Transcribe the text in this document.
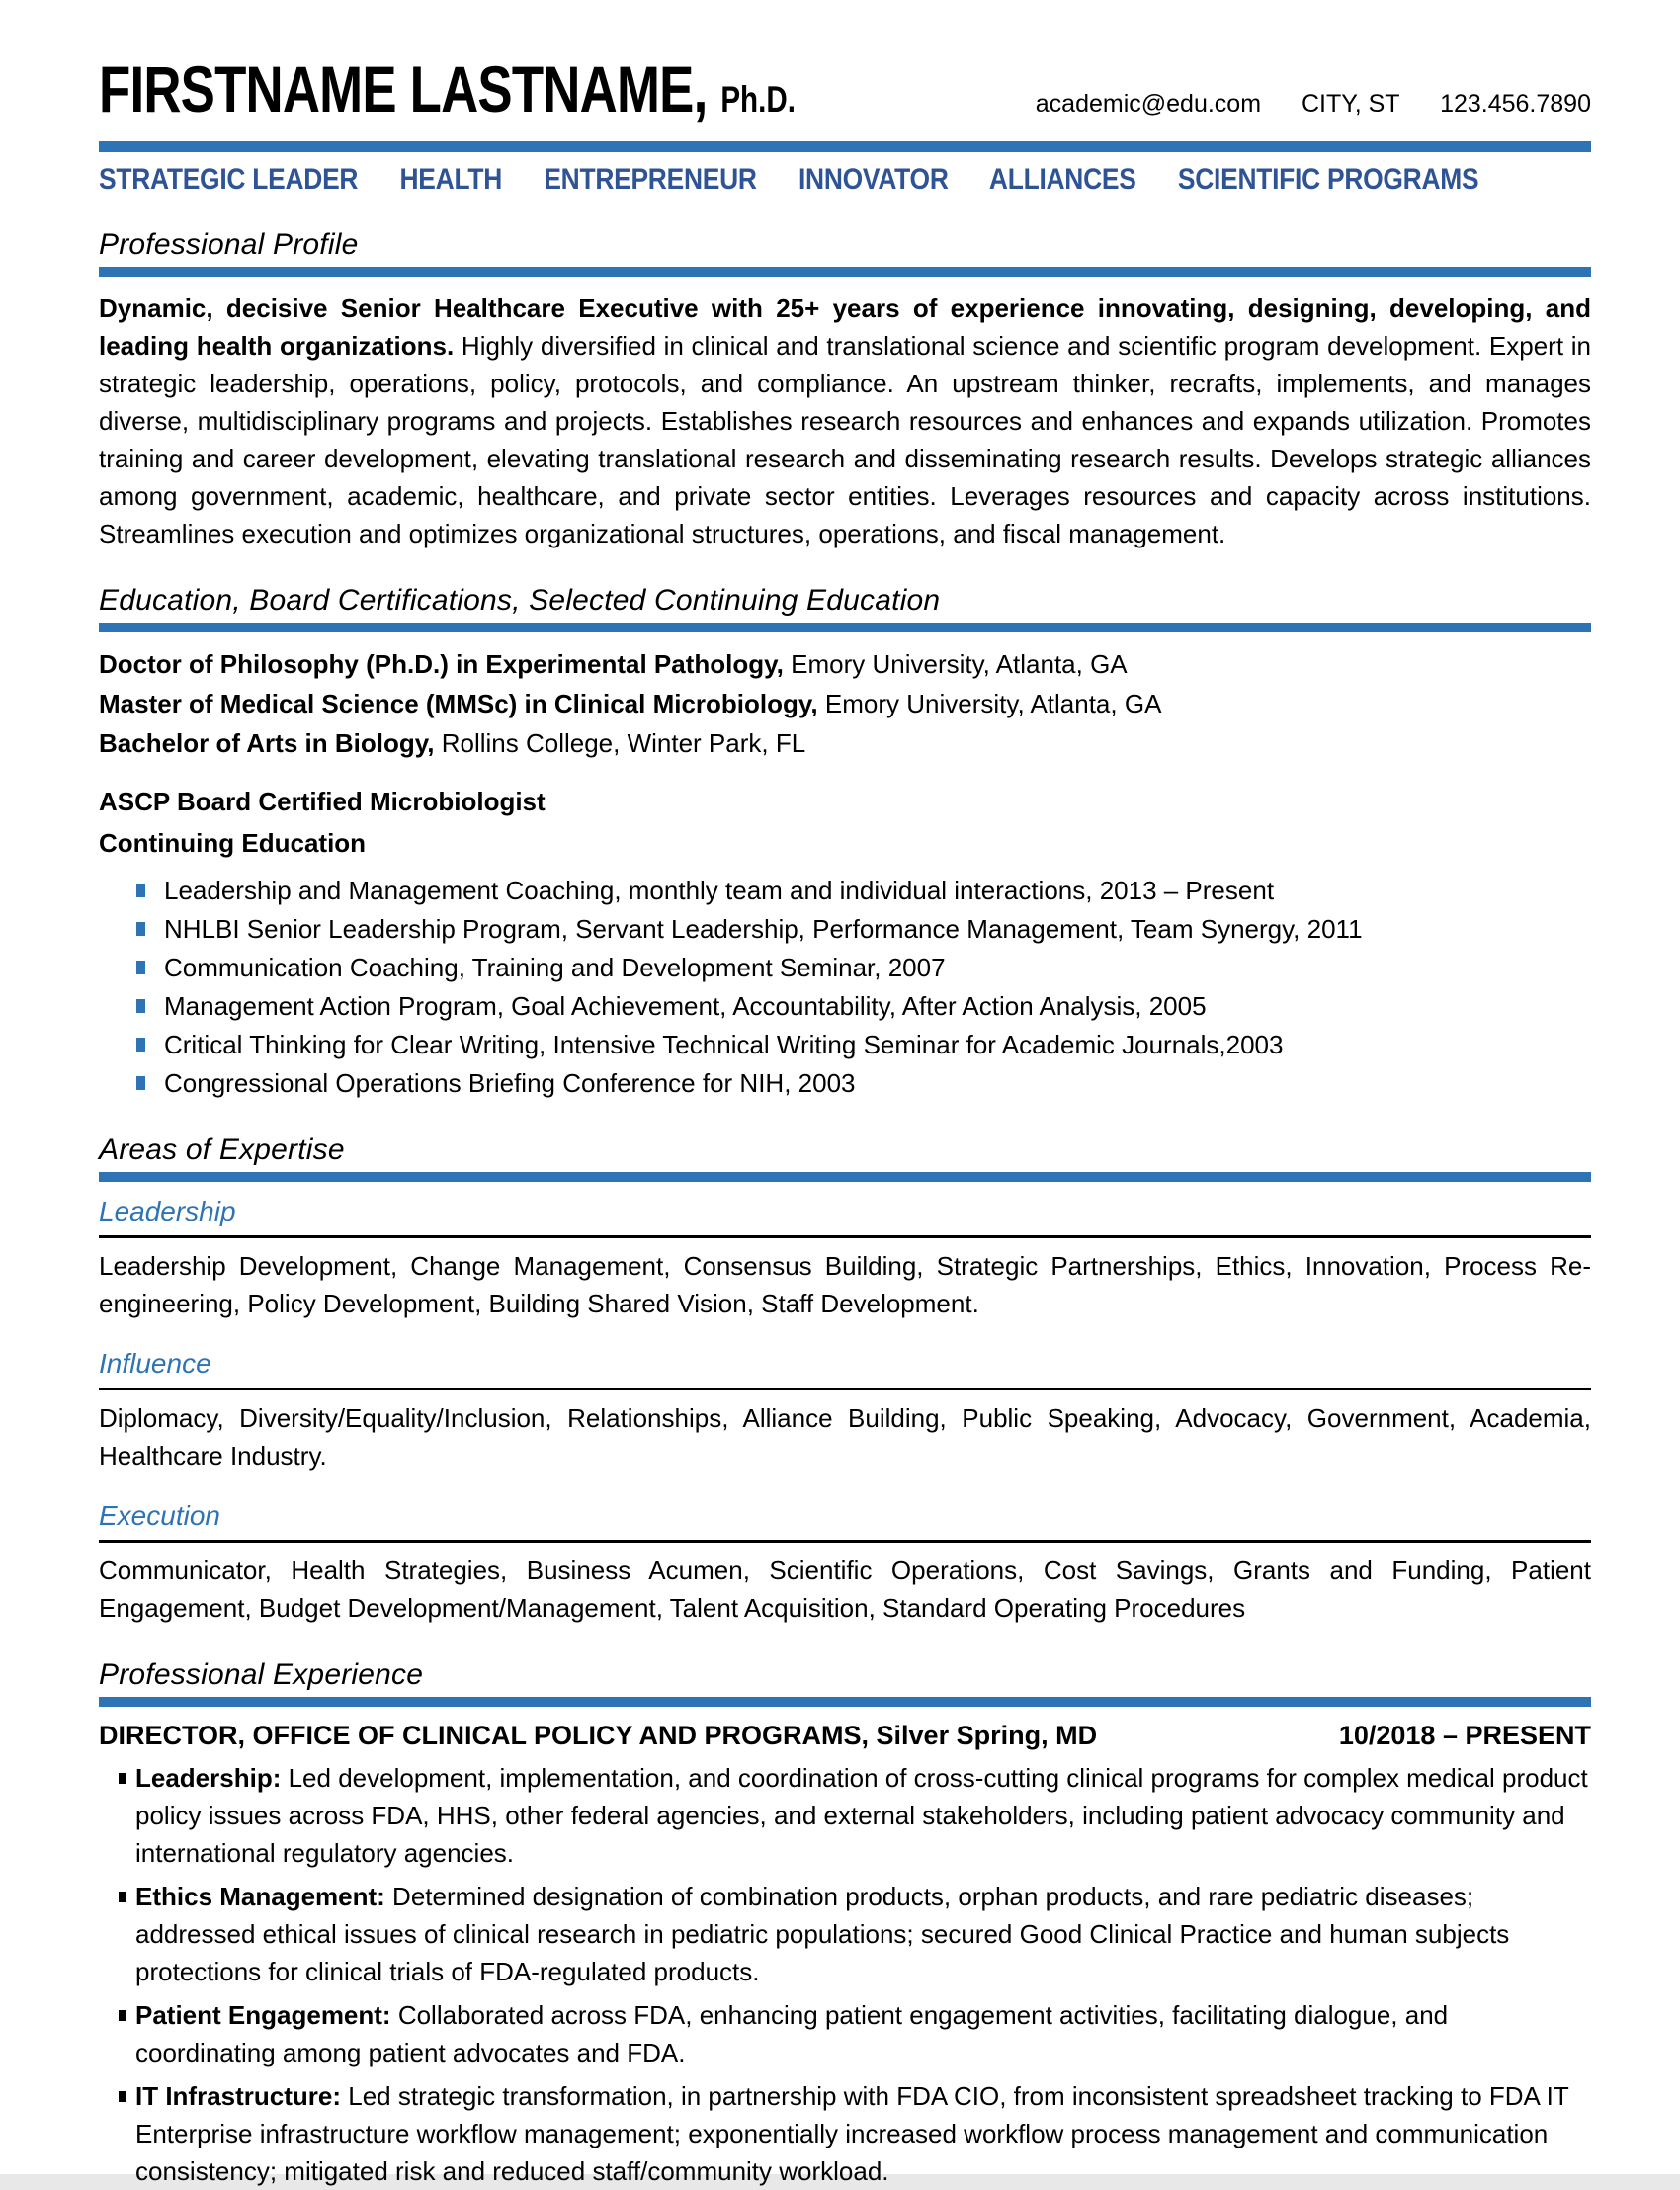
FIRSTNAME LASTNAME, Ph.D.	academic@edu.com CITY, ST 123.456.7890
STRATEGIC LEADER HEALTH ENTREPRENEUR INNOVATOR ALLIANCES SCIENTIFIC PROGRAMS
Professional Profile

Dynamic, decisive Senior Healthcare Executive with 25+ years of experience innovating, designing, developing, and leading health organizations. Highly diversified in clinical and translational science and scientific program development. Expert in strategic leadership, operations, policy, protocols, and compliance. An upstream thinker, recrafts, implements, and manages diverse, multidisciplinary programs and projects. Establishes research resources and enhances and expands utilization. Promotes training and career development, elevating translational research and disseminating research results. Develops strategic alliances among government, academic, healthcare, and private sector entities. Leverages resources and capacity across institutions. Streamlines execution and optimizes organizational structures, operations, and fiscal management.

Education, Board Certifications, Selected Continuing Education
Doctor of Philosophy (Ph.D.) in Experimental Pathology, Emory University, Atlanta, GA
Master of Medical Science (MMSc) in Clinical Microbiology, Emory University, Atlanta, GA
Bachelor of Arts in Biology, Rollins College, Winter Park, FL
ASCP Board Certified Microbiologist
Continuing Education
Leadership and Management Coaching, monthly team and individual interactions, 2013 – Present
NHLBI Senior Leadership Program, Servant Leadership, Performance Management, Team Synergy, 2011
Communication Coaching, Training and Development Seminar, 2007
Management Action Program, Goal Achievement, Accountability, After Action Analysis, 2005
Critical Thinking for Clear Writing, Intensive Technical Writing Seminar for Academic Journals,2003
Congressional Operations Briefing Conference for NIH, 2003
Areas of Expertise
Leadership

Leadership Development, Change Management, Consensus Building, Strategic Partnerships, Ethics, Innovation, Process Re-engineering, Policy Development, Building Shared Vision, Staff Development.

Influence

Diplomacy, Diversity/Equality/Inclusion, Relationships, Alliance Building, Public Speaking, Advocacy, Government, Academia, Healthcare Industry.

Execution

Communicator, Health Strategies, Business Acumen, Scientific Operations, Cost Savings, Grants and Funding, Patient Engagement, Budget Development/Management, Talent Acquisition, Standard Operating Procedures

Professional Experience
DIRECTOR, OFFICE OF CLINICAL POLICY AND PROGRAMS, Silver Spring, MD	10/2018 – PRESENT
Leadership: Led development, implementation, and coordination of cross-cutting clinical programs for complex medical product policy issues across FDA, HHS, other federal agencies, and external stakeholders, including patient advocacy community and international regulatory agencies.
Ethics Management: Determined designation of combination products, orphan products, and rare pediatric diseases; addressed ethical issues of clinical research in pediatric populations; secured Good Clinical Practice and human subjects protections for clinical trials of FDA-regulated products.
Patient Engagement: Collaborated across FDA, enhancing patient engagement activities, facilitating dialogue, and coordinating among patient advocates and FDA.
IT Infrastructure: Led strategic transformation, in partnership with FDA CIO, from inconsistent spreadsheet tracking to FDA IT Enterprise infrastructure workflow management; exponentially increased workflow process management and communication consistency; mitigated risk and reduced staff/community workload.
